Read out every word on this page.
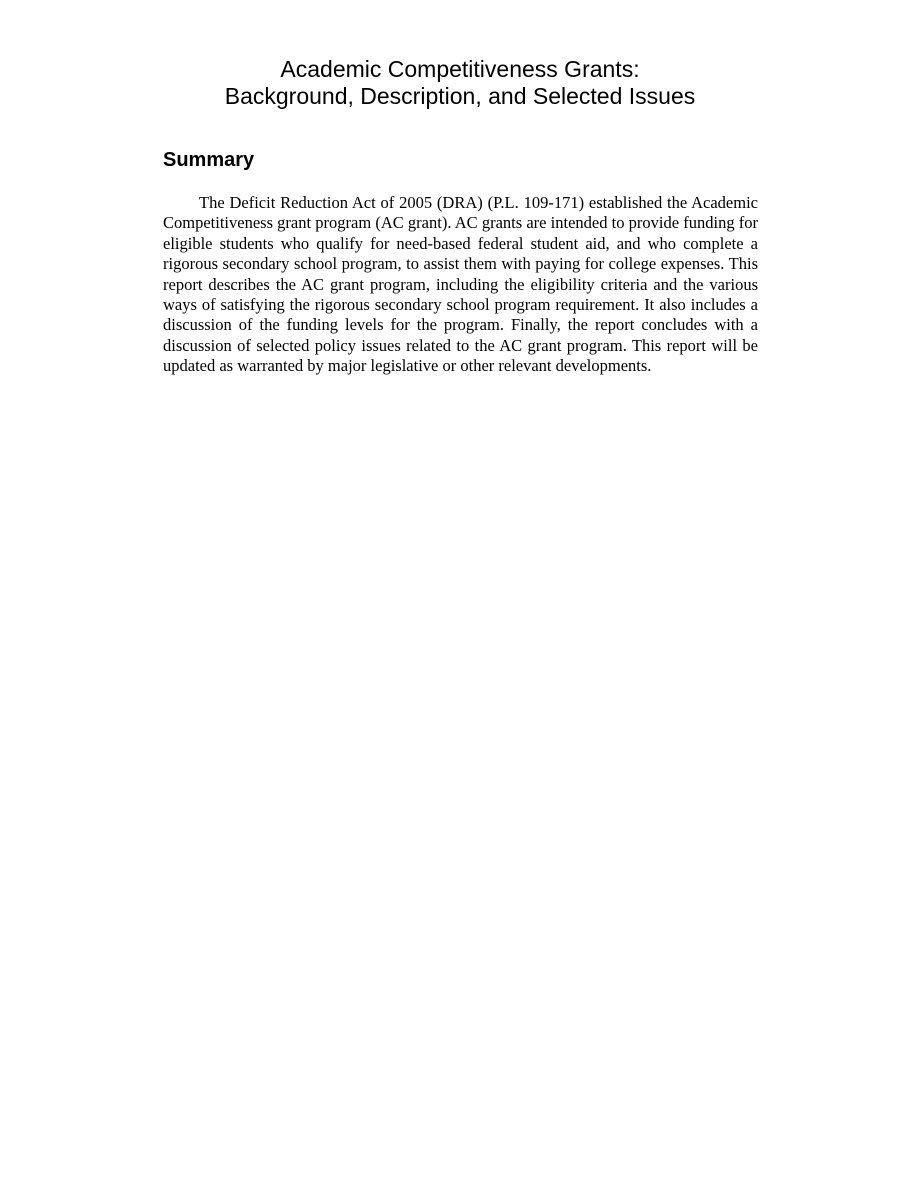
Academic Competitiveness Grants:
Background, Description, and Selected Issues
Summary

The Deficit Reduction Act of 2005 (DRA) (P.L. 109-171) established the Academic Competitiveness grant program (AC grant). AC grants are intended to provide funding for eligible students who qualify for need-based federal student aid, and who complete a rigorous secondary school program, to assist them with paying for college expenses. This report describes the AC grant program, including the eligibility criteria and the various ways of satisfying the rigorous secondary school program requirement. It also includes a discussion of the funding levels for the program. Finally, the report concludes with a discussion of selected policy issues related to the AC grant program. This report will be updated as warranted by major legislative or other relevant developments.
